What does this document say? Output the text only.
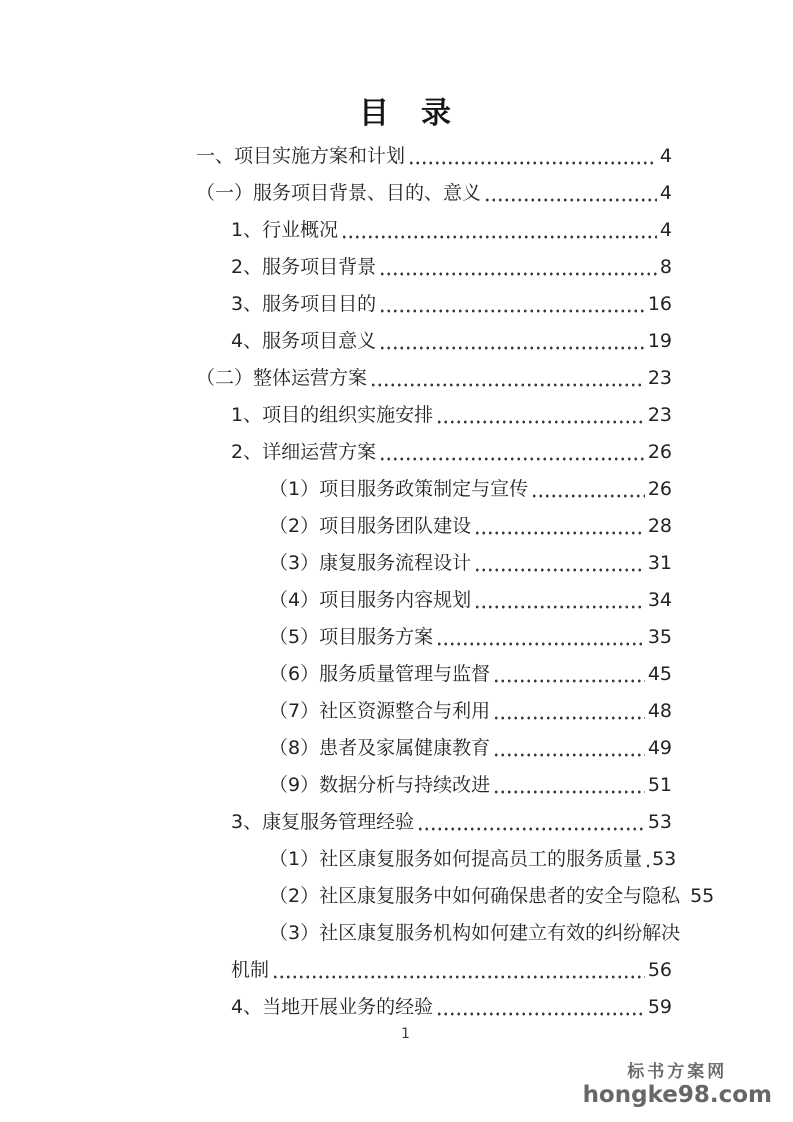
目　录
一、项目实施方案和计划	4
（一）服务项目背景、目的、意义	4
1、行业概况	4
2、服务项目背景	8
3、服务项目目的	16
4、服务项目意义	19
（二）整体运营方案	23
1、项目的组织实施安排	23
2、详细运营方案	26
（1）项目服务政策制定与宣传	26
（2）项目服务团队建设	28
（3）康复服务流程设计	31
（4）项目服务内容规划	34
（5）项目服务方案	35
（6）服务质量管理与监督	45
（7）社区资源整合与利用	48
（8）患者及家属健康教育	49
（9）数据分析与持续改进	51
3、康复服务管理经验	53
（1）社区康复服务如何提高员工的服务质量 53
（2）社区康复服务中如何确保患者的安全与隐私 55
（3）社区康复服务机构如何建立有效的纠纷解决
机制	56
4、当地开展业务的经验	59
1
标书方案网
hongke98.com
